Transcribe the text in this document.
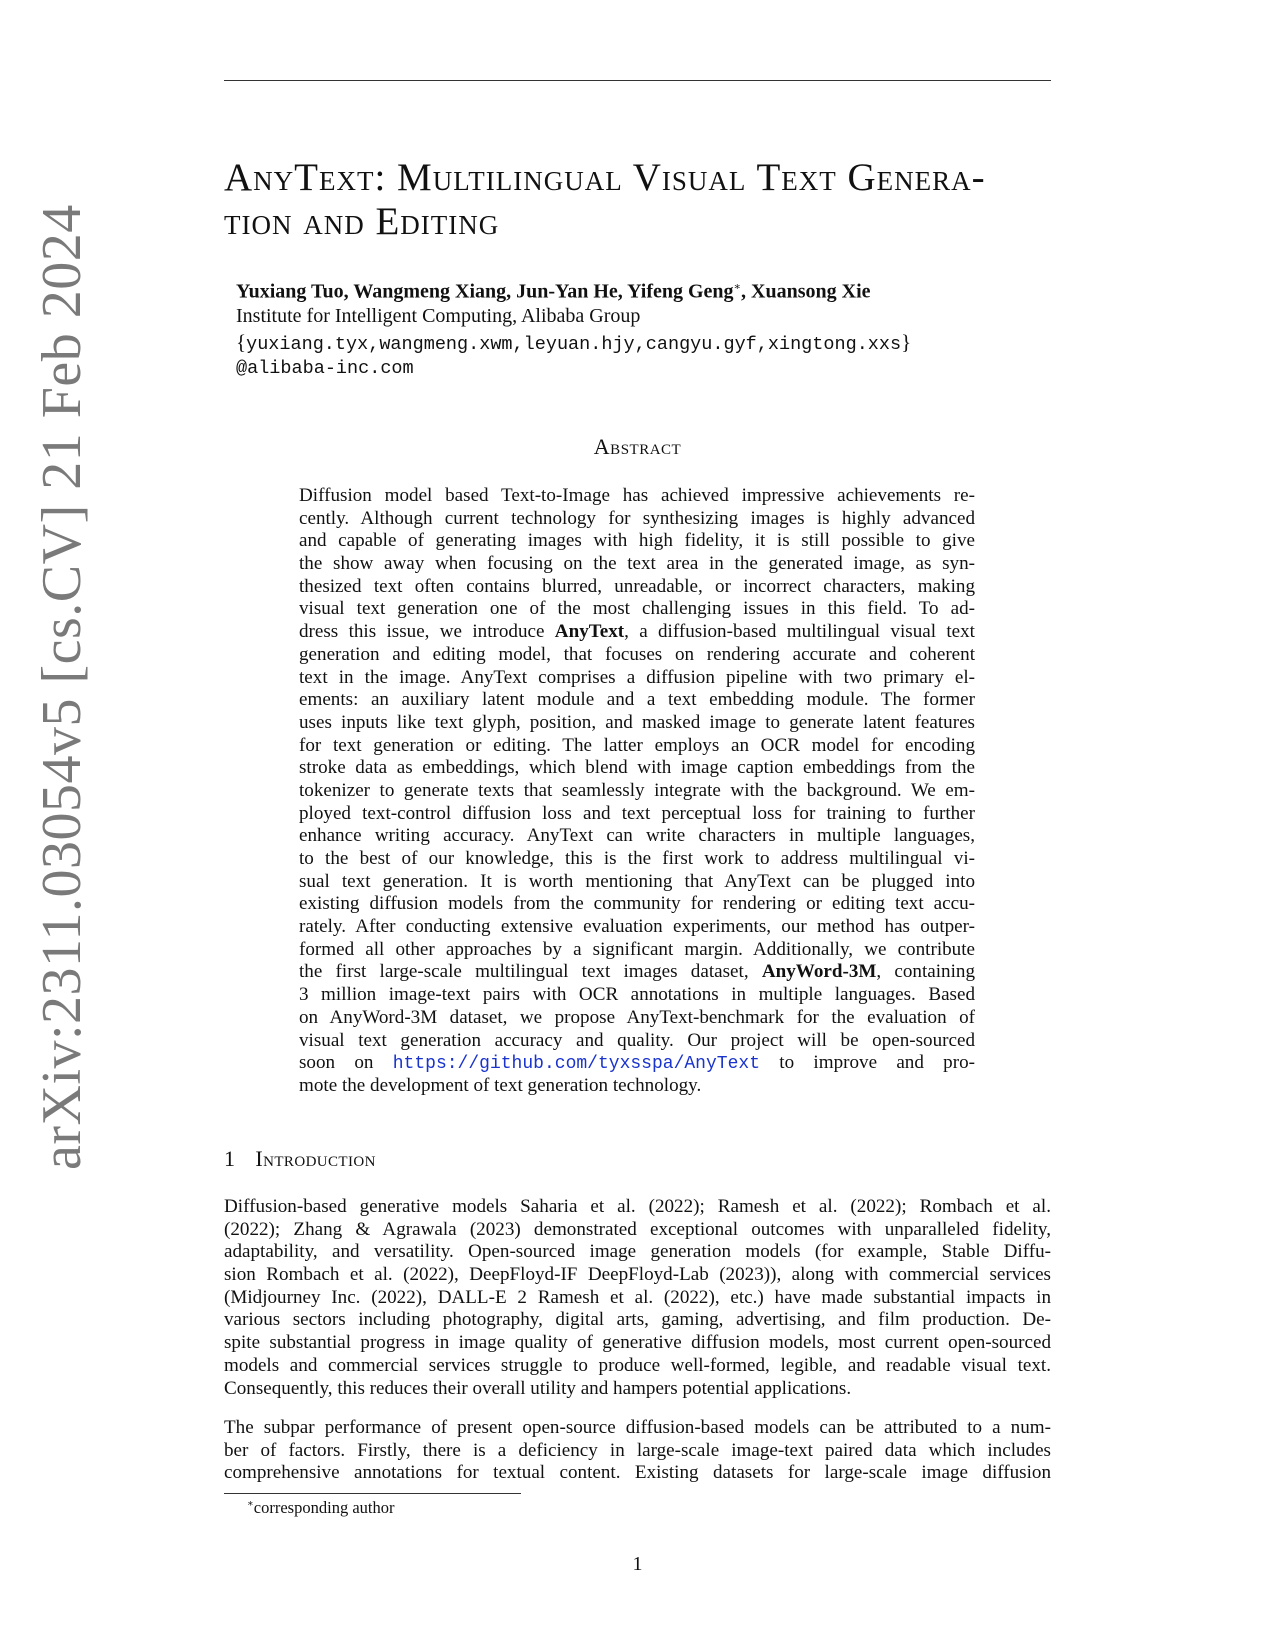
arXiv:2311.03054v5 [cs.CV] 21 Feb 2024
AnyText: Multilingual Visual Text Genera-
tion and Editing
Yuxiang Tuo, Wangmeng Xiang, Jun-Yan He, Yifeng Geng∗, Xuansong Xie
Institute for Intelligent Computing, Alibaba Group
{yuxiang.tyx,wangmeng.xwm,leyuan.hjy,cangyu.gyf,xingtong.xxs}
@alibaba-inc.com
Abstract
Diffusion model based Text-to-Image has achieved impressive achievements re-
cently. Although current technology for synthesizing images is highly advanced
and capable of generating images with high fidelity, it is still possible to give
the show away when focusing on the text area in the generated image, as syn-
thesized text often contains blurred, unreadable, or incorrect characters, making
visual text generation one of the most challenging issues in this field. To ad-
dress this issue, we introduce AnyText, a diffusion-based multilingual visual text
generation and editing model, that focuses on rendering accurate and coherent
text in the image. AnyText comprises a diffusion pipeline with two primary el-
ements: an auxiliary latent module and a text embedding module. The former
uses inputs like text glyph, position, and masked image to generate latent features
for text generation or editing. The latter employs an OCR model for encoding
stroke data as embeddings, which blend with image caption embeddings from the
tokenizer to generate texts that seamlessly integrate with the background. We em-
ployed text-control diffusion loss and text perceptual loss for training to further
enhance writing accuracy. AnyText can write characters in multiple languages,
to the best of our knowledge, this is the first work to address multilingual vi-
sual text generation. It is worth mentioning that AnyText can be plugged into
existing diffusion models from the community for rendering or editing text accu-
rately. After conducting extensive evaluation experiments, our method has outper-
formed all other approaches by a significant margin. Additionally, we contribute
the first large-scale multilingual text images dataset, AnyWord-3M, containing
3 million image-text pairs with OCR annotations in multiple languages. Based
on AnyWord-3M dataset, we propose AnyText-benchmark for the evaluation of
visual text generation accuracy and quality. Our project will be open-sourced
soon on https://github.com/tyxsspa/AnyText to improve and pro-
mote the development of text generation technology.
1 Introduction
Diffusion-based generative models Saharia et al. (2022); Ramesh et al. (2022); Rombach et al.
(2022); Zhang & Agrawala (2023) demonstrated exceptional outcomes with unparalleled fidelity,
adaptability, and versatility. Open-sourced image generation models (for example, Stable Diffu-
sion Rombach et al. (2022), DeepFloyd-IF DeepFloyd-Lab (2023)), along with commercial services
(Midjourney Inc. (2022), DALL-E 2 Ramesh et al. (2022), etc.) have made substantial impacts in
various sectors including photography, digital arts, gaming, advertising, and film production. De-
spite substantial progress in image quality of generative diffusion models, most current open-sourced
models and commercial services struggle to produce well-formed, legible, and readable visual text.
Consequently, this reduces their overall utility and hampers potential applications.
The subpar performance of present open-source diffusion-based models can be attributed to a num-
ber of factors. Firstly, there is a deficiency in large-scale image-text paired data which includes
comprehensive annotations for textual content. Existing datasets for large-scale image diffusion
∗corresponding author
1
